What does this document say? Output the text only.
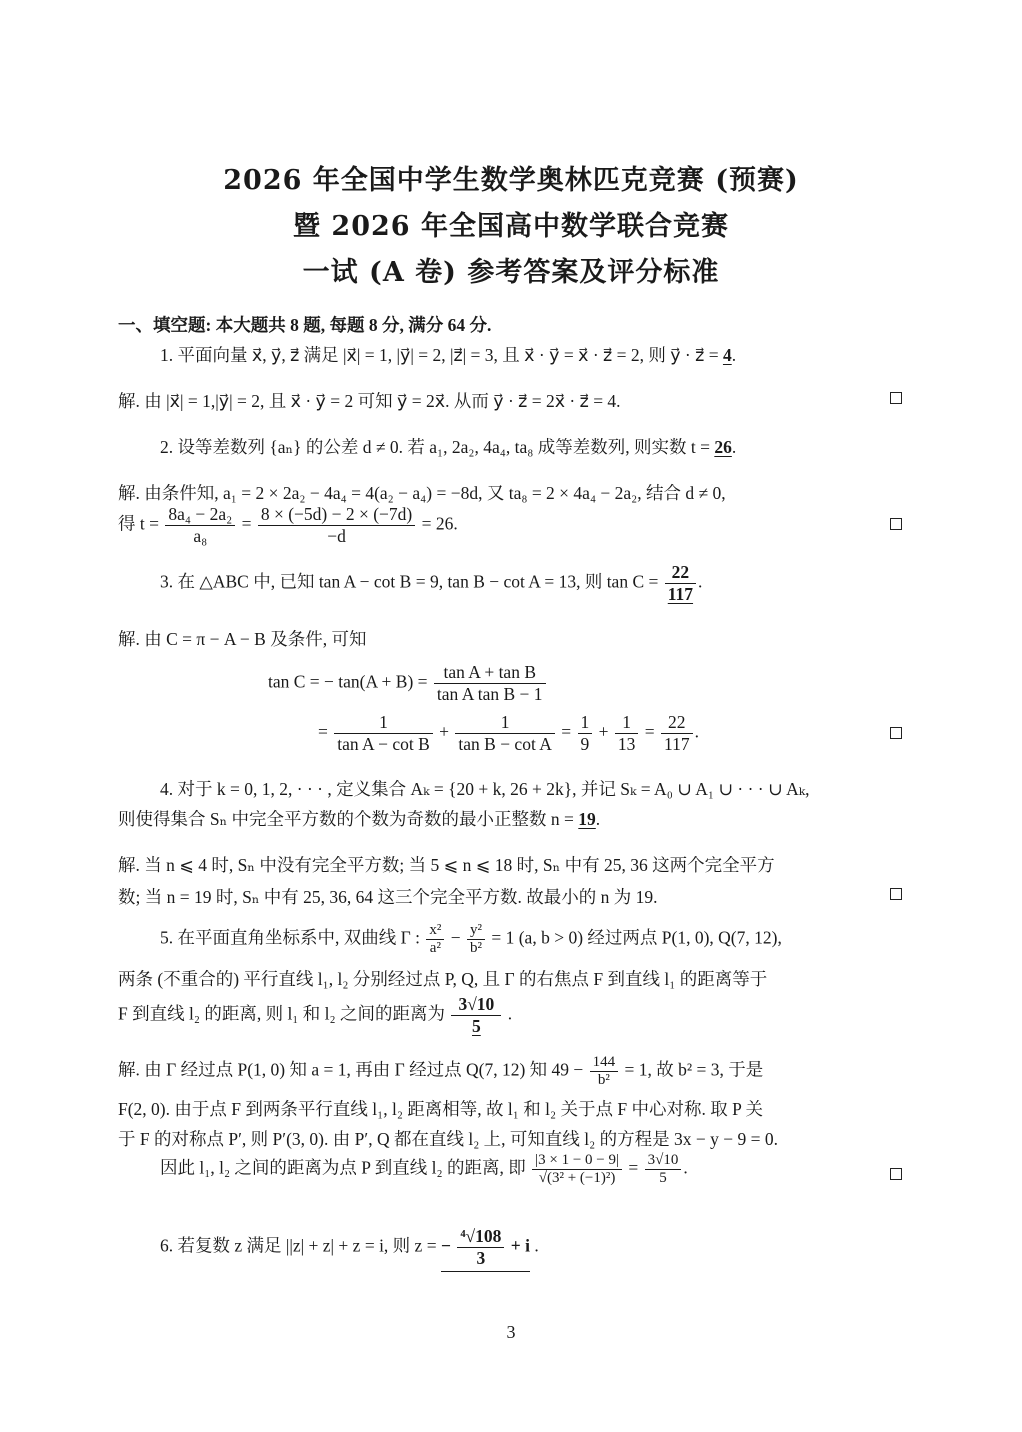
2026 年全国中学生数学奥林匹克竞赛 (预赛)
暨 2026 年全国高中数学联合竞赛
一试 (A 卷) 参考答案及评分标准
一、填空题: 本大题共 8 题, 每题 8 分, 满分 64 分.
1. 平面向量 x⃗, y⃗, z⃗ 满足 |x⃗| = 1, |y⃗| = 2, |z⃗| = 3, 且 x⃗ · y⃗ = x⃗ · z⃗ = 2, 则 y⃗ · z⃗ = 4.
解. 由 |x⃗| = 1,|y⃗| = 2, 且 x⃗ · y⃗ = 2 可知 y⃗ = 2x⃗. 从而 y⃗ · z⃗ = 2x⃗ · z⃗ = 4.
2. 设等差数列 {aₙ} 的公差 d ≠ 0. 若 a₁, 2a₂, 4a₄, ta₈ 成等差数列, 则实数 t = 26.
解. 由条件知, a₁ = 2 × 2a₂ − 4a₄ = 4(a₂ − a₄) = −8d, 又 ta₈ = 2 × 4a₄ − 2a₂, 结合 d ≠ 0,
得 $t = \frac{\text{8a₄ − 2a₂}}{\text{a₈}} = \frac{8 \times (-5d) - 2 \times (-7d)}{-d} = 26$.
3. 在 △ABC 中, 已知 tan A − cot B = 9, tan B − cot A = 13, 则 $\tan C = \frac{22}{117}$ .
解. 由 C = π − A − B 及条件, 可知
tan C = − $\tan(A + B) = \frac{\text{tan A + tan B}}{\text{tan A tan B − 1}}$
= $\frac{1}{\text{tan A − cot B}} + \frac{1}{\text{tan B − cot A}} = \frac{1}{9} + \frac{1}{13} = \frac{22}{117}$ .
4. 对于 k = 0, 1, 2, · · · , 定义集合 Aₖ = {20 + k, 26 + 2k}, 并记 Sₖ = A₀ ∪ A₁ ∪ · · · ∪ Aₖ,
则使得集合 Sₙ 中完全平方数的个数为奇数的最小正整数 n = 19.
解. 当 n ⩽ 4 时, Sₙ 中没有完全平方数; 当 5 ⩽ n ⩽ 18 时, Sₙ 中有 25, 36 这两个完全平方
数; 当 n = 19 时, Sₙ 中有 25, 36, 64 这三个完全平方数. 故最小的 n 为 19.
5. 在平面直角坐标系中, 双曲线 Γ : $\frac{\text{x²}}{\text{a²}} - \frac{\text{y²}}{\text{b²}} = 1$ (a, b > 0) 经过两点 P(1, 0), Q(7, 12),
两条 (不重合的) 平行直线 l₁, l₂ 分别经过点 P, Q, 且 Γ 的右焦点 F 到直线 l₁ 的距离等于
F 到直线 l₂ 的距离, 则 l₁ 和 l₂ 之间的距离为 $\frac{3√10}{5}$ .
解. 由 Γ 经过点 P(1, 0) 知 a = 1, 再由 Γ 经过点 Q(7, 12) 知 $49 - \frac{144}{\text{b²}} = 1$, 故 b² = 3, 于是
F(2, 0). 由于点 F 到两条平行直线 l₁, l₂ 距离相等, 故 l₁ 和 l₂ 关于点 F 中心对称. 取 P 关
于 F 的对称点 P′, 则 P′(3, 0). 由 P′, Q 都在直线 l₂ 上, 可知直线 l₂ 的方程是 3x − y − 9 = 0.
因此 l₁, l₂ 之间的距离为点 P 到直线 l₂ 的距离, 即 $\frac{|3 \times 1 - 0 - 9|}{\text{√(3² + (−1)²)}} = \frac{3√10}{5}$ .
6. 若复数 z 满足 ||z| + z| + z = i, 则 z = − $\frac{\text{⁴√108}}{3} + i$ .
3
